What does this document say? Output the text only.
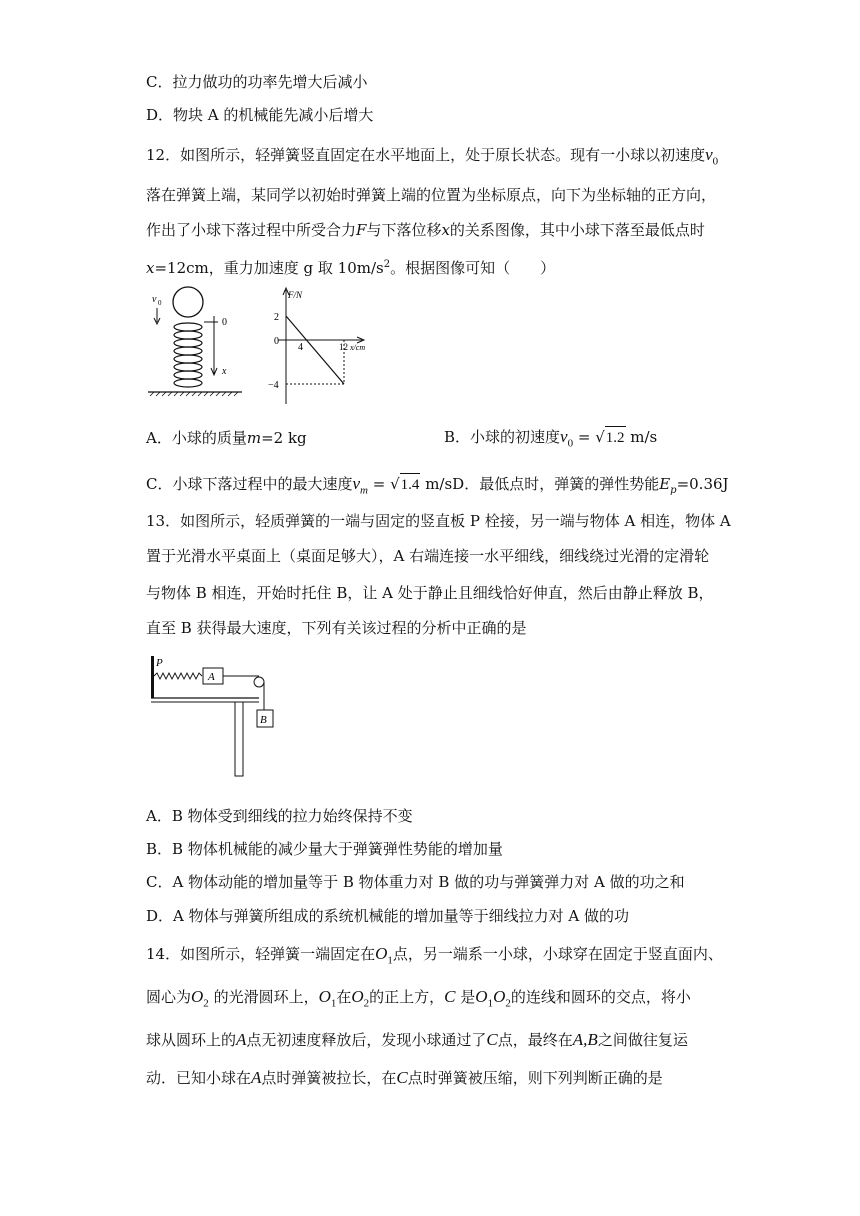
C．拉力做功的功率先增大后减小
D．物块 A 的机械能先减小后增大
12．如图所示，轻弹簧竖直固定在水平地面上，处于原长状态。现有一小球以初速度$v_0$
落在弹簧上端，某同学以初始时弹簧上端的位置为坐标原点，向下为坐标轴的正方向，
作出了小球下落过程中所受合力F与下落位移x的关系图像，其中小球下落至最低点时
x=12cm，重力加速度 g 取 $10m/s^2$。根据图像可知（　　）
v 0
0
x
F/N
2
0
−4
4	12 x/cm
A．小球的质量m=2 kg	B．小球的初速度$v_0 = √1.2$ m/s
C．小球下落过程中的最大速度$v_m = √1.4$ m/sD．最低点时，弹簧的弹性势能$E_p=0.36J$
13．如图所示，轻质弹簧的一端与固定的竖直板 P 栓接，另一端与物体 A 相连，物体 A
置于光滑水平桌面上（桌面足够大），A 右端连接一水平细线，细线绕过光滑的定滑轮
与物体 B 相连，开始时托住 B，让 A 处于静止且细线恰好伸直，然后由静止释放 B，
直至 B 获得最大速度，下列有关该过程的分析中正确的是
P
A
B
A．B 物体受到细线的拉力始终保持不变
B．B 物体机械能的减少量大于弹簧弹性势能的增加量
C．A 物体动能的增加量等于 B 物体重力对 B 做的功与弹簧弹力对 A 做的功之和
D．A 物体与弹簧所组成的系统机械能的增加量等于细线拉力对 A 做的功
14．如图所示，轻弹簧一端固定在$O_1$点，另一端系一小球，小球穿在固定于竖直面内、
圆心为$O_2$ 的光滑圆环上，$O_1$在$O_2$的正上方，C 是$O_1O_2$的连线和圆环的交点，将小
球从圆环上的A点无初速度释放后，发现小球通过了C点，最终在A,B之间做往复运
动．已知小球在A点时弹簧被拉长，在C点时弹簧被压缩，则下列判断正确的是
